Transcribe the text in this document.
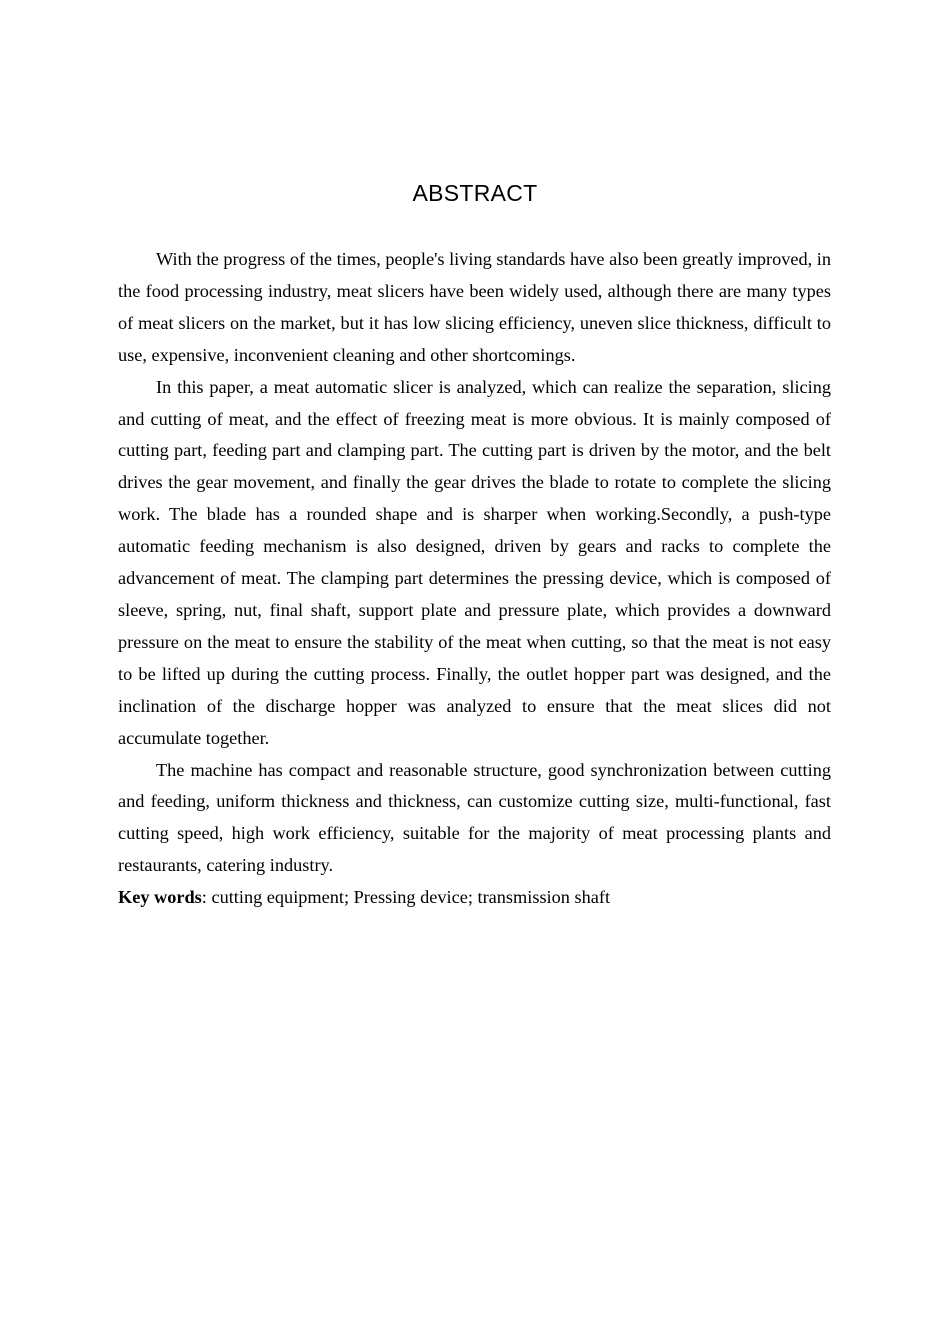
ABSTRACT

With the progress of the times, people's living standards have also been greatly improved, in the food processing industry, meat slicers have been widely used, although there are many types of meat slicers on the market, but it has low slicing efficiency, uneven slice thickness, difficult to use, expensive, inconvenient cleaning and other shortcomings.

In this paper, a meat automatic slicer is analyzed, which can realize the separation, slicing and cutting of meat, and the effect of freezing meat is more obvious. It is mainly composed of cutting part, feeding part and clamping part. The cutting part is driven by the motor, and the belt drives the gear movement, and finally the gear drives the blade to rotate to complete the slicing work. The blade has a rounded shape and is sharper when working.Secondly, a push-type automatic feeding mechanism is also designed, driven by gears and racks to complete the advancement of meat. The clamping part determines the pressing device, which is composed of sleeve, spring, nut, final shaft, support plate and pressure plate, which provides a downward pressure on the meat to ensure the stability of the meat when cutting, so that the meat is not easy to be lifted up during the cutting process. Finally, the outlet hopper part was designed, and the inclination of the discharge hopper was analyzed to ensure that the meat slices did not accumulate together.

The machine has compact and reasonable structure, good synchronization between cutting and feeding, uniform thickness and thickness, can customize cutting size, multi-functional, fast cutting speed, high work efficiency, suitable for the majority of meat processing plants and restaurants, catering industry.

Key words: cutting equipment; Pressing device; transmission shaft
